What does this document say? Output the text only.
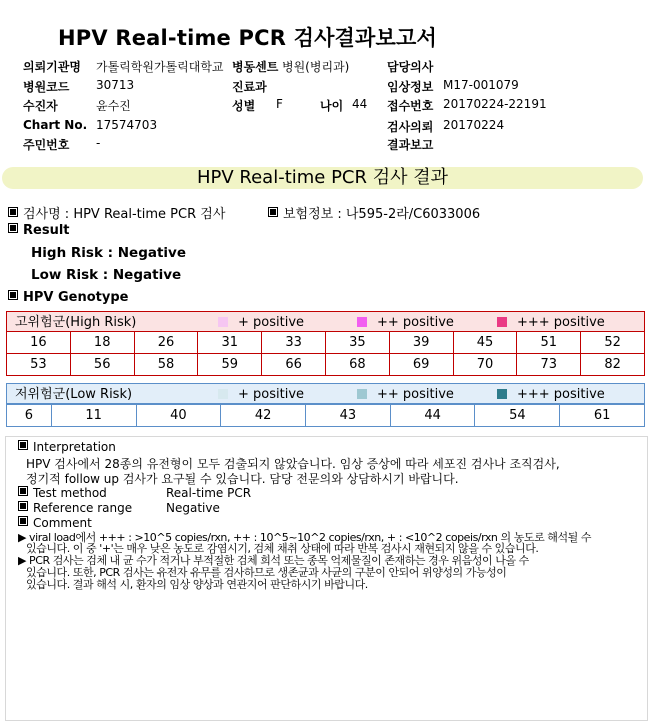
HPV Real-time PCR 검사결과보고서
의뢰기관명 가톨릭학원가톨릭대학교 병동센트 병원(병리과)
병원코드 30713	진료과
수진자	윤수진	성별 F	나이 44
Chart No. 17574703
주민번호 -
담당의사
임상정보 M17-001079
접수번호 20170224-22191
검사의뢰 20170224
결과보고
HPV Real-time PCR 검사 결과
검사명 : HPV Real-time PCR 검사	보험정보 : 나595-2라/C6033006
Result
High Risk : Negative
Low Risk : Negative
HPV Genotype
고위험군(High Risk)	+ positive	++ positive	+++ positive
16	18	26	31	33	35	39	45	51	52
53	56	58	59	66	68	69	70	73	82
저위험군(Low Risk)	+ positive	++ positive	+++ positive
6	11	40	42	43	44	54	61
Interpretation
HPV 검사에서 28종의 유전형이 모두 검출되지 않았습니다. 임상 증상에 따라 세포진 검사나 조직검사,
정기적 follow up 검사가 요구될 수 있습니다. 담당 전문의와 상담하시기 바랍니다.
Test method	Real-time PCR
Reference range	Negative
Comment
▶ viral load에서 +++ : >10^5 copies/rxn, ++ : 10^5~10^2 copies/rxn, + : <10^2 copeis/rxn 의 농도로 해석될 수
있습니다. 이 중 '+'는 매우 낮은 농도로 감염시기, 검체 채취 상태에 따라 반복 검사시 재현되지 않을 수 있습니다.
▶ PCR 검사는 검체 내 균 수가 적거나 부적절한 검체 희석 또는 종목 억제물질이 존재하는 경우 위음성이 나올 수
있습니다. 또한, PCR 검사는 유전자 유무를 검사하므로 생존균과 사균의 구분이 안되어 위양성의 가능성이
있습니다. 결과 해석 시, 환자의 임상 양상과 연관지어 판단하시기 바랍니다.
